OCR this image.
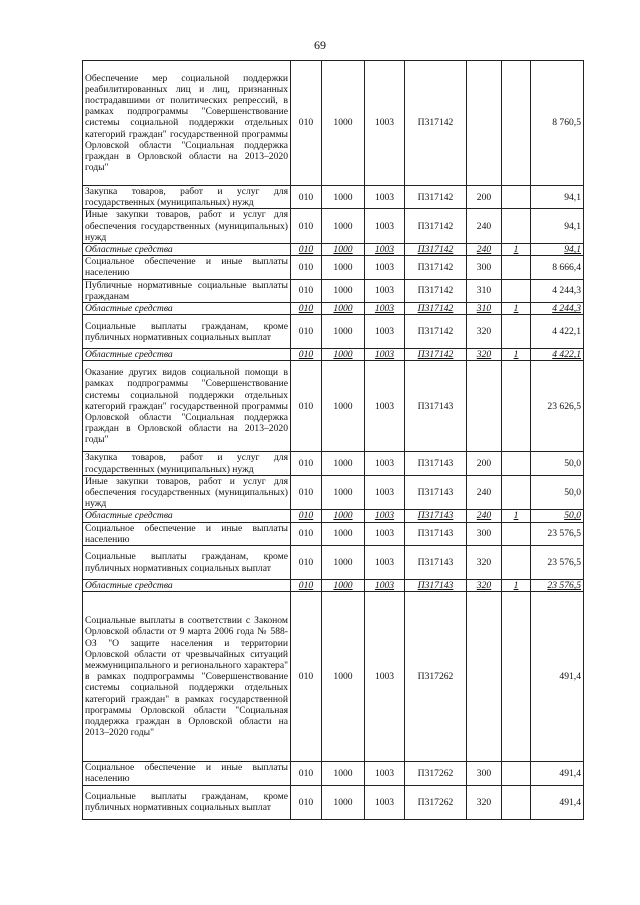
69
Обеспечение мер социальной поддержки реабилитированных лиц и лиц, признанных пострадавшими от политических репрессий, в рамках подпрограммы "Совершенствование системы социальной поддержки отдельных категорий граждан" государственной программы Орловской области "Социальная поддержка граждан в Орловской области на 2013–2020 годы"	010	1000	1003	П317142			8 760,5
Закупка товаров, работ и услуг для государственных (муниципальных) нужд	010	1000	1003	П317142	200		94,1
Иные закупки товаров, работ и услуг для обеспечения государственных (муниципальных) нужд	010	1000	1003	П317142	240		94,1
Областные средства	010	1000	1003	П317142	240	1	94,1
Социальное обеспечение и иные выплаты населению	010	1000	1003	П317142	300		8 666,4
Публичные нормативные социальные выплаты гражданам	010	1000	1003	П317142	310		4 244,3
Областные средства	010	1000	1003	П317142	310	1	4 244,3
Социальные выплаты гражданам, кроме публичных нормативных социальных выплат	010	1000	1003	П317142	320		4 422,1
Областные средства	010	1000	1003	П317142	320	1	4 422,1
Оказание других видов социальной помощи в рамках подпрограммы "Совершенствование системы социальной поддержки отдельных категорий граждан" государственной программы Орловской области "Социальная поддержка граждан в Орловской области на 2013–2020 годы"	010	1000	1003	П317143			23 626,5
Закупка товаров, работ и услуг для государственных (муниципальных) нужд	010	1000	1003	П317143	200		50,0
Иные закупки товаров, работ и услуг для обеспечения государственных (муниципальных) нужд	010	1000	1003	П317143	240		50,0
Областные средства	010	1000	1003	П317143	240	1	50,0
Социальное обеспечение и иные выплаты населению	010	1000	1003	П317143	300		23 576,5
Социальные выплаты гражданам, кроме публичных нормативных социальных выплат	010	1000	1003	П317143	320		23 576,5
Областные средства	010	1000	1003	П317143	320	1	23 576,5
Социальные выплаты в соответствии с Законом Орловской области от 9 марта 2006 года № 588-ОЗ "О защите населения и территории Орловской области от чрезвычайных ситуаций межмуниципального и регионального характера" в рамках подпрограммы "Совершенствование системы социальной поддержки отдельных категорий граждан" в рамках государственной программы Орловской области "Социальная поддержка граждан в Орловской области на 2013–2020 годы"	010	1000	1003	П317262			491,4
Социальное обеспечение и иные выплаты населению	010	1000	1003	П317262	300		491,4
Социальные выплаты гражданам, кроме публичных нормативных социальных выплат	010	1000	1003	П317262	320		491,4
